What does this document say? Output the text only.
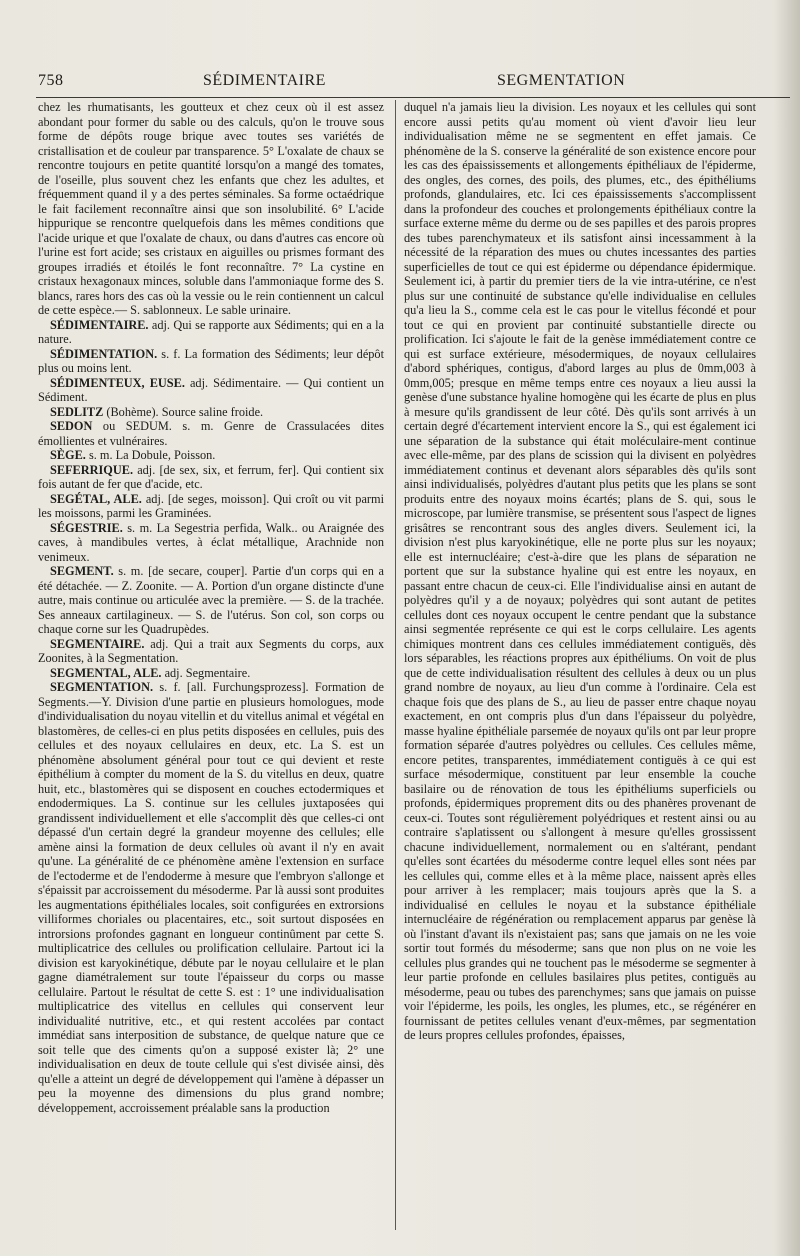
758	SÉDIMENTAIRE	SEGMENTATION

chez les rhumatisants, les goutteux et chez ceux où il est assez abondant pour former du sable ou des calculs, qu'on le trouve sous forme de dépôts rouge brique avec toutes ses variétés de cristallisation et de couleur par transparence. 5° L'oxalate de chaux se rencontre toujours en petite quantité lorsqu'on a mangé des tomates, de l'oseille, plus souvent chez les enfants que chez les adultes, et fréquemment quand il y a des pertes séminales. Sa forme octaédrique le fait facilement reconnaître ainsi que son insolubilité. 6° L'acide hippurique se rencontre quelquefois dans les mêmes conditions que l'acide urique et que l'oxalate de chaux, ou dans d'autres cas encore où l'urine est fort acide; ses cristaux en aiguilles ou prismes formant des groupes irradiés et étoilés le font reconnaître. 7° La cystine en cristaux hexagonaux minces, soluble dans l'ammoniaque forme des S. blancs, rares hors des cas où la vessie ou le rein contiennent un calcul de cette espèce.— S. sablonneux. Le sable urinaire.

SÉDIMENTAIRE. adj. Qui se rapporte aux Sédiments; qui en a la nature.

SÉDIMENTATION. s. f. La formation des Sédiments; leur dépôt plus ou moins lent.

SÉDIMENTEUX, EUSE. adj. Sédimentaire. — Qui contient un Sédiment.

SEDLITZ (Bohème). Source saline froide.

SEDON ou SEDUM. s. m. Genre de Crassulacées dites émollientes et vulnéraires.

SÈGE. s. m. La Dobule, Poisson.

SEFERRIQUE. adj. [de sex, six, et ferrum, fer]. Qui contient six fois autant de fer que d'acide, etc.

SEGÉTAL, ALE. adj. [de seges, moisson]. Qui croît ou vit parmi les moissons, parmi les Graminées.

SÉGESTRIE. s. m. La Segestria perfida, Walk.. ou Araignée des caves, à mandibules vertes, à éclat métallique, Arachnide non venimeux.

SEGMENT. s. m. [de secare, couper]. Partie d'un corps qui en a été détachée. — Z. Zoonite. — A. Portion d'un organe distincte d'une autre, mais continue ou articulée avec la première. — S. de la trachée. Ses anneaux cartilagineux. — S. de l'utérus. Son col, son corps ou chaque corne sur les Quadrupèdes.

SEGMENTAIRE. adj. Qui a trait aux Segments du corps, aux Zoonites, à la Segmentation.

SEGMENTAL, ALE. adj. Segmentaire.

SEGMENTATION. s. f. [all. Furchungsprozess]. Formation de Segments.—Y. Division d'une partie en plusieurs homologues, mode d'individualisation du noyau vitellin et du vitellus animal et végétal en blastomères, de celles-ci en plus petits disposées en cellules, puis des cellules et des noyaux cellulaires en deux, etc. La S. est un phénomène absolument général pour tout ce qui devient et reste épithélium à compter du moment de la S. du vitellus en deux, quatre huit, etc., blastomères qui se disposent en couches ectodermiques et endodermiques. La S. continue sur les cellules juxtaposées qui grandissent individuellement et elle s'accomplit dès que celles-ci ont dépassé d'un certain degré la grandeur moyenne des cellules; elle amène ainsi la formation de deux cellules où avant il n'y en avait qu'une. La généralité de ce phénomène amène l'extension en surface de l'ectoderme et de l'endoderme à mesure que l'embryon s'allonge et s'épaissit par accroissement du mésoderme. Par là aussi sont produites les augmentations épithéliales locales, soit configurées en extrorsions villiformes choriales ou placentaires, etc., soit surtout disposées en introrsions profondes gagnant en longueur continûment par cette S. multiplicatrice des cellules ou prolification cellulaire. Partout ici la division est karyokinétique, débute par le noyau cellulaire et le plan gagne diamétralement sur toute l'épaisseur du corps ou masse cellulaire. Partout le résultat de cette S. est : 1° une individualisation multiplicatrice des vitellus en cellules qui conservent leur individualité nutritive, etc., et qui restent accolées par contact immédiat sans interposition de substance, de quelque nature que ce soit telle que des ciments qu'on a supposé exister là; 2° une individualisation en deux de toute cellule qui s'est divisée ainsi, dès qu'elle a atteint un degré de développement qui l'amène à dépasser un peu la moyenne des dimensions du plus grand nombre; développement, accroissement préalable sans la production

duquel n'a jamais lieu la division. Les noyaux et les cellules qui sont encore aussi petits qu'au moment où vient d'avoir lieu leur individualisation même ne se segmentent en effet jamais. Ce phénomène de la S. conserve la généralité de son existence encore pour les cas des épaississements et allongements épithéliaux de l'épiderme, des ongles, des cornes, des poils, des plumes, etc., des épithéliums profonds, glandulaires, etc. Ici ces épaississements s'accomplissent dans la profondeur des couches et prolongements épithéliaux contre la surface externe même du derme ou de ses papilles et des parois propres des tubes parenchymateux et ils satisfont ainsi incessamment à la nécessité de la réparation des mues ou chutes incessantes des parties superficielles de tout ce qui est épiderme ou dépendance épidermique. Seulement ici, à partir du premier tiers de la vie intra-utérine, ce n'est plus sur une continuité de substance qu'elle individualise en cellules qu'a lieu la S., comme cela est le cas pour le vitellus fécondé et pour tout ce qui en provient par continuité substantielle directe ou prolification. Ici s'ajoute le fait de la genèse immédiatement contre ce qui est surface extérieure, mésodermiques, de noyaux cellulaires d'abord sphériques, contigus, d'abord larges au plus de 0mm,003 à 0mm,005; presque en même temps entre ces noyaux a lieu aussi la genèse d'une substance hyaline homogène qui les écarte de plus en plus à mesure qu'ils grandissent de leur côté. Dès qu'ils sont arrivés à un certain degré d'écartement intervient encore la S., qui est également ici une séparation de la substance qui était moléculaire-ment continue avec elle-même, par des plans de scission qui la divisent en polyèdres immédiatement continus et devenant alors séparables dès qu'ils sont ainsi individualisés, polyèdres d'autant plus petits que les plans se sont produits entre des noyaux moins écartés; plans de S. qui, sous le microscope, par lumière transmise, se présentent sous l'aspect de lignes grisâtres se rencontrant sous des angles divers. Seulement ici, la division n'est plus karyokinétique, elle ne porte plus sur les noyaux; elle est internucléaire; c'est-à-dire que les plans de séparation ne portent que sur la substance hyaline qui est entre les noyaux, en passant entre chacun de ceux-ci. Elle l'individualise ainsi en autant de polyèdres qu'il y a de noyaux; polyèdres qui sont autant de petites cellules dont ces noyaux occupent le centre pendant que la substance ainsi segmentée représente ce qui est le corps cellulaire. Les agents chimiques montrent dans ces cellules immédiatement contiguës, dès lors séparables, les réactions propres aux épithéliums. On voit de plus que de cette individualisation résultent des cellules à deux ou un plus grand nombre de noyaux, au lieu d'un comme à l'ordinaire. Cela est chaque fois que des plans de S., au lieu de passer entre chaque noyau exactement, en ont compris plus d'un dans l'épaisseur du polyèdre, masse hyaline épithéliale parsemée de noyaux qu'ils ont par leur propre formation séparée d'autres polyèdres ou cellules. Ces cellules même, encore petites, transparentes, immédiatement contiguës à ce qui est surface mésodermique, constituent par leur ensemble la couche basilaire ou de rénovation de tous les épithéliums superficiels ou profonds, épidermiques proprement dits ou des phanères provenant de ceux-ci. Toutes sont régulièrement polyédriques et restent ainsi ou au contraire s'aplatissent ou s'allongent à mesure qu'elles grossissent chacune individuellement, normalement ou en s'altérant, pendant qu'elles sont écartées du mésoderme contre lequel elles sont nées par les cellules qui, comme elles et à la même place, naissent après elles pour arriver à les remplacer; mais toujours après que la S. a individualisé en cellules le noyau et la substance épithéliale internucléaire de régénération ou remplacement apparus par genèse là où l'instant d'avant ils n'existaient pas; sans que jamais on ne les voie sortir tout formés du mésoderme; sans que non plus on ne voie les cellules plus grandes qui ne touchent pas le mésoderme se segmenter à leur partie profonde en cellules basilaires plus petites, contiguës au mésoderme, peau ou tubes des parenchymes; sans que jamais on puisse voir l'épiderme, les poils, les ongles, les plumes, etc., se régénérer en fournissant de petites cellules venant d'eux-mêmes, par segmentation de leurs propres cellules profondes, épaisses,
